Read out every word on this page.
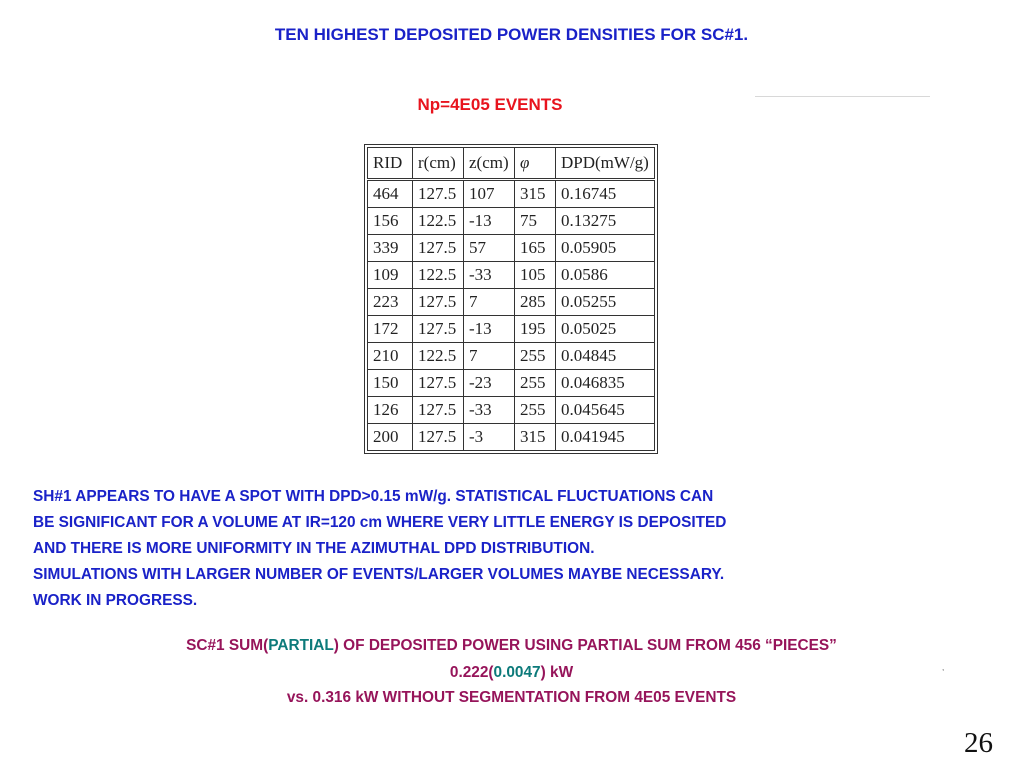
TEN HIGHEST DEPOSITED POWER DENSITIES FOR SC#1.
Np=4E05 EVENTS
RID	r(cm)	z(cm)	φ	DPD(mW/g)
464	127.5	107	315	0.16745
156	122.5	-13	75	0.13275
339	127.5	57	165	0.05905
109	122.5	-33	105	0.0586
223	127.5	7	285	0.05255
172	127.5	-13	195	0.05025
210	122.5	7	255	0.04845
150	127.5	-23	255	0.046835
126	127.5	-33	255	0.045645
200	127.5	-3	315	0.041945
SH#1 APPEARS TO HAVE A SPOT WITH DPD>0.15 mW/g. STATISTICAL FLUCTUATIONS CAN
BE SIGNIFICANT FOR A VOLUME AT IR=120 cm WHERE VERY LITTLE ENERGY IS DEPOSITED
AND THERE IS MORE UNIFORMITY IN THE AZIMUTHAL DPD DISTRIBUTION.
SIMULATIONS WITH LARGER NUMBER OF EVENTS/LARGER VOLUMES MAYBE NECESSARY.
WORK IN PROGRESS.
SC#1 SUM(PARTIAL) OF DEPOSITED POWER USING PARTIAL SUM FROM 456 “PIECES”
0.222(0.0047) kW
vs. 0.316 kW WITHOUT SEGMENTATION FROM 4E05 EVENTS
,
26
